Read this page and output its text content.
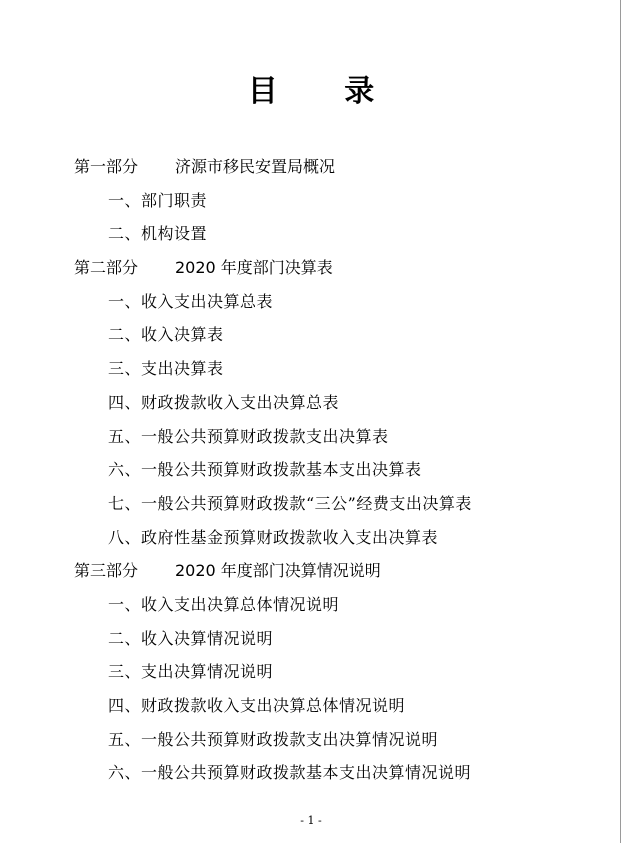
目 录
第一部分 济源市移民安置局概况
一、部门职责
二、机构设置
第二部分 2020 年度部门决算表
一、收入支出决算总表
二、收入决算表
三、支出决算表
四、财政拨款收入支出决算总表
五、一般公共预算财政拨款支出决算表
六、一般公共预算财政拨款基本支出决算表
七、一般公共预算财政拨款“三公”经费支出决算表
八、政府性基金预算财政拨款收入支出决算表
第三部分 2020 年度部门决算情况说明
一、收入支出决算总体情况说明
二、收入决算情况说明
三、支出决算情况说明
四、财政拨款收入支出决算总体情况说明
五、一般公共预算财政拨款支出决算情况说明
六、一般公共预算财政拨款基本支出决算情况说明
- 1 -
